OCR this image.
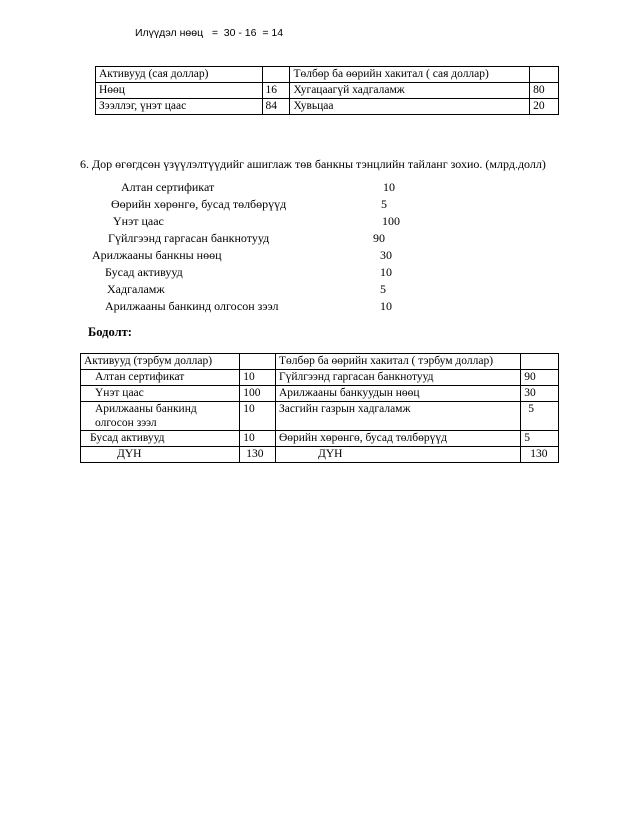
Илүүдэл нөөц   =  30 - 16  = 14
Активууд (сая доллар)		Төлбөр ба өөрийн хакитал ( сая доллар)	
Нөөц	16	Хугацаагүй хадгаламж	80
Зээллэг, үнэт цаас	84	Хувьцаа	20
6. Дор өгөгдсөн үзүүлэлтүүдийг ашиглаж төв банкны тэнцлийн тайланг зохио. (млрд.долл)
Алтан сертификат	10
Өөрийн хөрөнгө, бусад төлбөрүүд	5
Үнэт цаас	100
Гүйлгээнд гаргасан банкнотууд	90
Арилжааны банкны нөөц	30
Бусад активууд	10
Хадгаламж	5
Арилжааны банкинд олгосон зээл	10
Бодолт:
Активууд (тэрбум доллар)		Төлбөр ба өөрийн хакитал ( тэрбум доллар)	
Алтан сертификат	10	Гүйлгээнд гаргасан банкнотууд	90
Үнэт цаас	100	Арилжааны банкуудын нөөц	30
Арилжааны банкинд олгосон зээл	10	Засгийн газрын хадгаламж	5
Бусад активууд	10	Өөрийн хөрөнгө, бусад төлбөрүүд	5
ДҮН	130	ДҮН	130
